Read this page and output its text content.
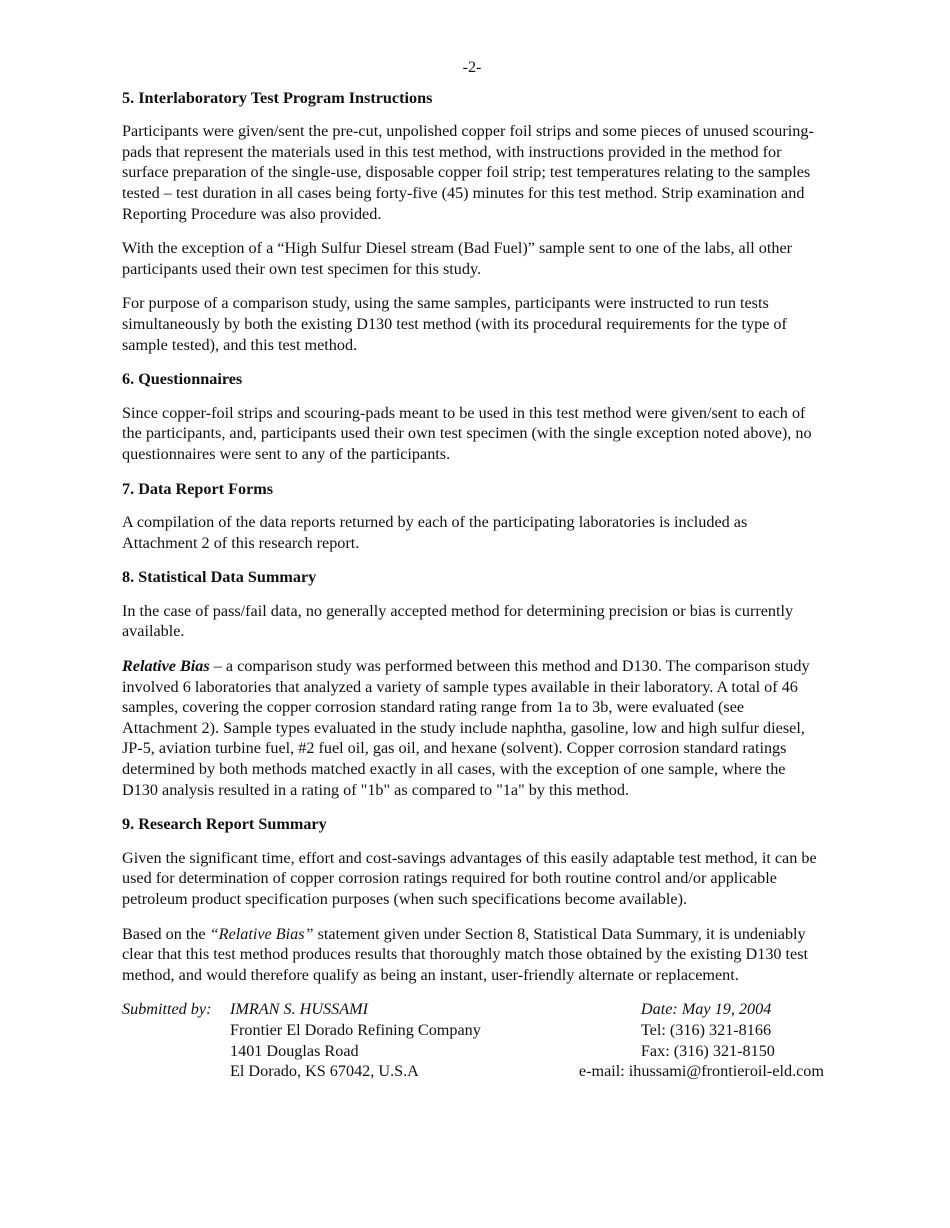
-2-
5. Interlaboratory Test Program Instructions

Participants were given/sent the pre-cut, unpolished copper foil strips and some pieces of unused scouring-pads that represent the materials used in this test method, with instructions provided in the method for surface preparation of the single-use, disposable copper foil strip; test temperatures relating to the samples tested – test duration in all cases being forty-five (45) minutes for this test method. Strip examination and Reporting Procedure was also provided.

With the exception of a “High Sulfur Diesel stream (Bad Fuel)” sample sent to one of the labs, all other participants used their own test specimen for this study.

For purpose of a comparison study, using the same samples, participants were instructed to run tests simultaneously by both the existing D130 test method (with its procedural requirements for the type of sample tested), and this test method.

6. Questionnaires

Since copper-foil strips and scouring-pads meant to be used in this test method were given/sent to each of the participants, and, participants used their own test specimen (with the single exception noted above), no questionnaires were sent to any of the participants.

7. Data Report Forms

A compilation of the data reports returned by each of the participating laboratories is included as Attachment 2 of this research report.

8. Statistical Data Summary

In the case of pass/fail data, no generally accepted method for determining precision or bias is currently available.

Relative Bias – a comparison study was performed between this method and D130. The comparison study involved 6 laboratories that analyzed a variety of sample types available in their laboratory. A total of 46 samples, covering the copper corrosion standard rating range from 1a to 3b, were evaluated (see Attachment 2). Sample types evaluated in the study include naphtha, gasoline, low and high sulfur diesel, JP-5, aviation turbine fuel, #2 fuel oil, gas oil, and hexane (solvent). Copper corrosion standard ratings determined by both methods matched exactly in all cases, with the exception of one sample, where the D130 analysis resulted in a rating of "1b" as compared to "1a" by this method.

9. Research Report Summary

Given the significant time, effort and cost-savings advantages of this easily adaptable test method, it can be used for determination of copper corrosion ratings required for both routine control and/or applicable petroleum product specification purposes (when such specifications become available).

Based on the “Relative Bias” statement given under Section 8, Statistical Data Summary, it is undeniably clear that this test method produces results that thoroughly match those obtained by the existing D130 test method, and would therefore qualify as being an instant, user-friendly alternate or replacement.

Submitted by: IMRAN S. HUSSAMI
Frontier El Dorado Refining Company
1401 Douglas Road
El Dorado, KS 67042, U.S.A
Date: May 19, 2004
Tel: (316) 321-8166
Fax: (316) 321-8150
e-mail: ihussami@frontieroil-eld.com
